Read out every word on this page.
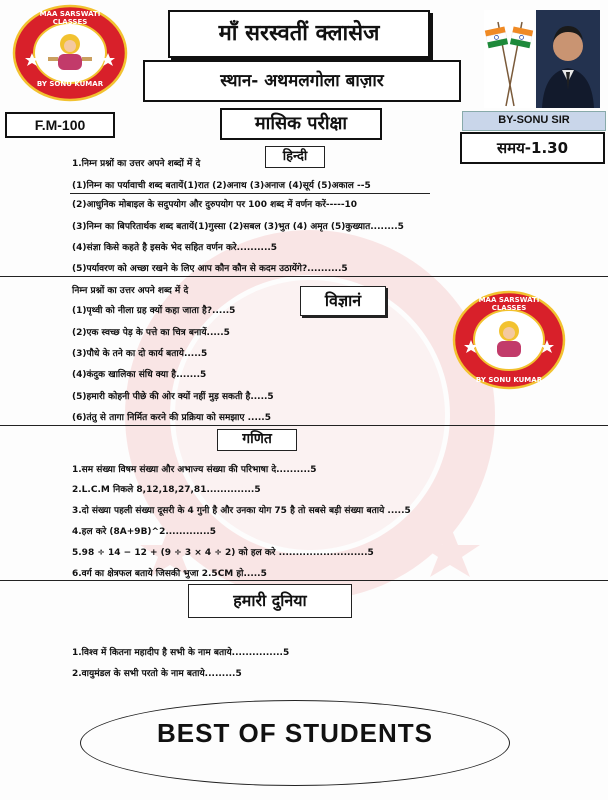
MAA SARSWATI CLASSES
BY SONU KUMAR
माँ सरस्वतीं क्लासेज
स्थान- अथमलगोला बाज़ार
F.M-100	मासिक परीक्षा	BY-SONU SIR
समय-1.30
हिन्दी
1.निम्न प्रश्नों का उत्तर अपने शब्दों में दे
(1)निम्न का पर्यावाची शब्द बतायें(1)रात (2)अनाथ (3)अनाज (4)सूर्य (5)अकाल --5
(2)आधुनिक मोबाइल के सदुपयोग और दुरुपयोग पर 100 शब्द में वर्णन करें-----10
(3)निम्न का बिपरितार्थक शब्द बतायें(1)गुस्सा (2)सबल (3)भुत (4) अमृत (5)कुख्यात........5
(4)संज्ञा किसे कहते है इसके भेद सहित वर्णन करे..........5
(5)पर्यावरण को अच्छा रखने के लिए आप कौन कौन से कदम उठायेंगे?..........5
निम्न प्रश्नों का उत्तर अपने शब्द में दे	विज्ञानं
(1)पृथ्वी को नीला ग्रह क्यों कहा जाता है?.....5
(2)एक स्वच्छ पेड़ के पत्ते का चित्र बनायें.....5
(3)पौधे के तने का दो कार्य बताये.....5
(4)कंदुक खालिका संधि क्या है.......5
(5)हमारी कोहनी पीछे की ओर क्यों नहीं मुड़ सकती है.....5
(6)तंतु से तागा निर्मित करने की प्रक्रिया को समझाए .....5
MAA SARSWATI CLASSES
BY SONU KUMAR
गणित
1.सम संख्या विषम संख्या और अभाज्य संख्या की परिभाषा दे..........5
2.L.C.M निकले 8,12,18,27,81..............5
3.दो संख्या पहली संख्या दूसरी के 4 गुनी है और उनका योग 75 है तो सबसे बड़ी संख्या बताये .....5
4.हल करे (8A+9B)^2.............5
5.98 ÷ 14 − 12 + (9 ÷ 3 × 4 ÷ 2) को हल करे ..........................5
6.वर्ग का क्षेत्रफल बताये जिसकी भुजा 2.5CM हो.....5
हमारी दुनिया
1.विश्व में कितना महादीप है सभी के नाम बताये...............5
2.वायुमंडल के सभी परतो के नाम बताये.........5
BEST OF STUDENTS
